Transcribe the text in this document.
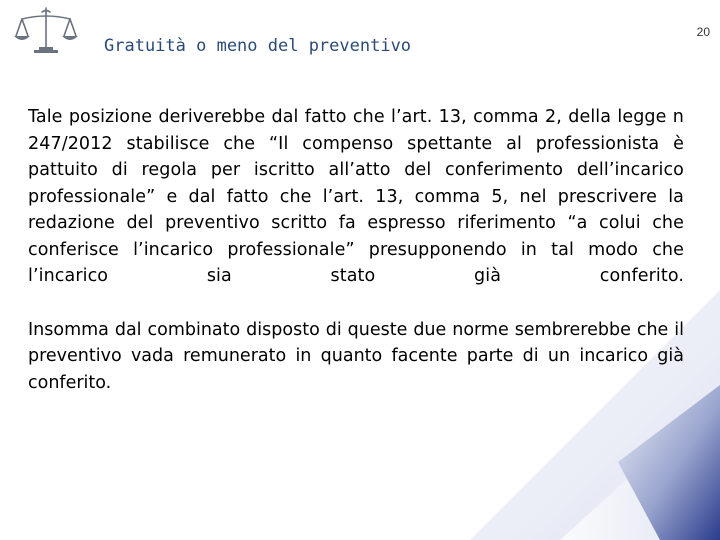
Gratuità o meno del preventivo
20

Tale posizione deriverebbe dal fatto che l’art. 13, comma 2, della legge n 247/2012 stabilisce che “Il compenso spettante al professionista è pattuito di regola per iscritto all’atto del conferimento dell’incarico professionale” e dal fatto che l’art. 13, comma 5, nel prescrivere la redazione del preventivo scritto fa espresso riferimento “a colui che conferisce l’incarico professionale” presupponendo in tal modo che l’incarico sia stato già conferito.

Insomma dal combinato disposto di queste due norme sembrerebbe che il preventivo vada remunerato in quanto facente parte di un incarico già conferito.
